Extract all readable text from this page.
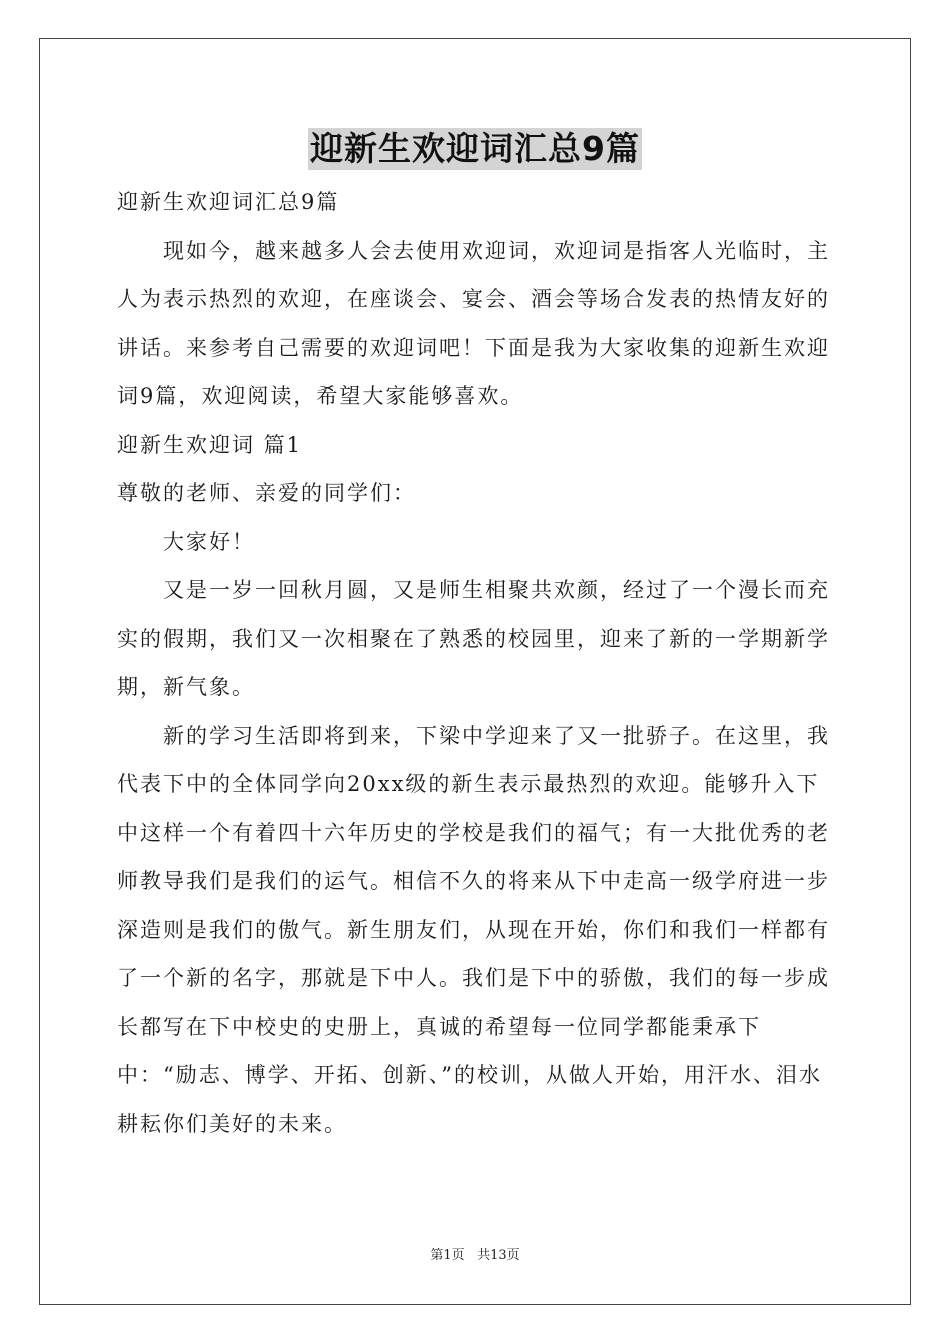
迎新生欢迎词汇总9篇

迎新生欢迎词汇总9篇

现如今，越来越多人会去使用欢迎词，欢迎词是指客人光临时，主人为表示热烈的欢迎，在座谈会、宴会、酒会等场合发表的热情友好的讲话。来参考自己需要的欢迎词吧！下面是我为大家收集的迎新生欢迎词9篇，欢迎阅读，希望大家能够喜欢。

迎新生欢迎词 篇1

尊敬的老师、亲爱的同学们：

大家好！

又是一岁一回秋月圆，又是师生相聚共欢颜，经过了一个漫长而充实的假期，我们又一次相聚在了熟悉的校园里，迎来了新的一学期新学期，新气象。

新的学习生活即将到来，下梁中学迎来了又一批骄子。在这里，我代表下中的全体同学向20xx级的新生表示最热烈的欢迎。能够升入下中这样一个有着四十六年历史的学校是我们的福气；有一大批优秀的老师教导我们是我们的运气。相信不久的将来从下中走高一级学府进一步深造则是我们的傲气。新生朋友们，从现在开始，你们和我们一样都有了一个新的名字，那就是下中人。我们是下中的骄傲，我们的每一步成长都写在下中校史的史册上，真诚的希望每一位同学都能秉承下中：“励志、博学、开拓、创新、”的校训，从做人开始，用汗水、泪水耕耘你们美好的未来。

第1页 共13页
